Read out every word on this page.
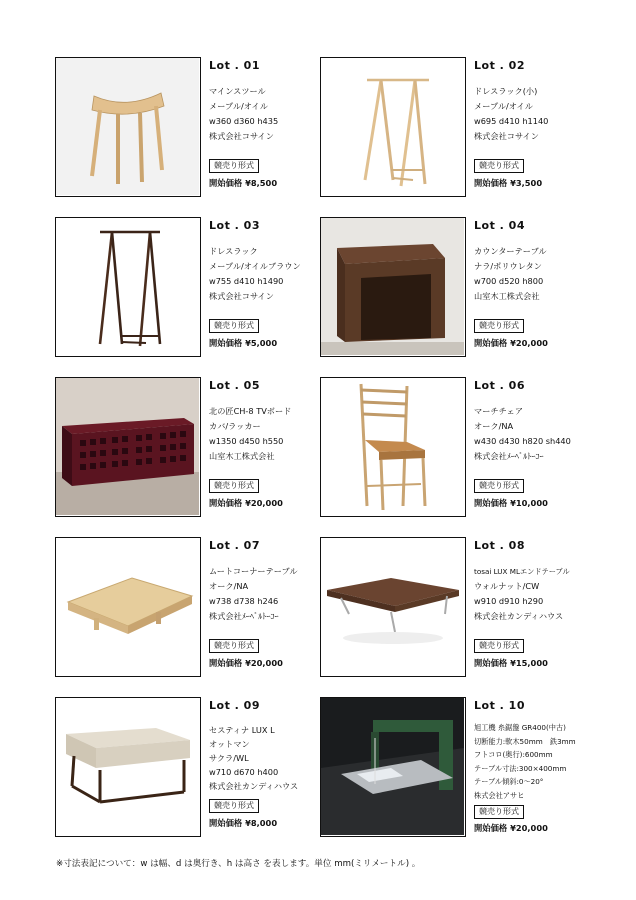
Lot . 01
マインスツール
メープル/オイル
w360 d360 h435
株式会社コサイン
競売り形式
開始価格 ¥8,500
Lot . 02
ドレスラック(小)
メープル/オイル
w695 d410 h1140
株式会社コサイン
競売り形式
開始価格 ¥3,500
Lot . 03
ドレスラック
メープル/オイルブラウン
w755 d410 h1490
株式会社コサイン
競売り形式
開始価格 ¥5,000
Lot . 04
カウンターテーブル
ナラ/ポリウレタン
w700 d520 h800
山室木工株式会社
競売り形式
開始価格 ¥20,000
Lot . 05
北の匠CH-8 TVボード
カバ/ラッカー
w1350 d450 h550
山室木工株式会社
競売り形式
開始価格 ¥20,000
Lot . 06
マーチチェア
オーク/NA
w430 d430 h820 sh440
株式会社ﾒｰﾍﾞﾙﾄｰｺｰ
競売り形式
開始価格 ¥10,000
Lot . 07
ムートコーナーテーブル
オーク/NA
w738 d738 h246
株式会社ﾒｰﾍﾞﾙﾄｰｺｰ
競売り形式
開始価格 ¥20,000
Lot . 08
tosai LUX MLエンドテーブル
ウォルナット/CW
w910 d910 h290
株式会社カンディハウス
競売り形式
開始価格 ¥15,000
Lot . 09
セスティナ LUX L
オットマン
サクラ/WL
w710 d670 h400
株式会社カンディハウス
競売り形式
開始価格 ¥8,000
Lot . 10
旭工機 糸鋸盤 GR400(中古)
切断能力:軟木50mm　鉄3mm
フトコロ(奥行):600mm
テーブル寸法:300×400mm
テーブル傾斜:0～20°
株式会社アサヒ
競売り形式
開始価格 ¥20,000
※寸法表記について：w は幅、d は奥行き、h は高さ を表します。単位 mm(ミリメートル) 。
